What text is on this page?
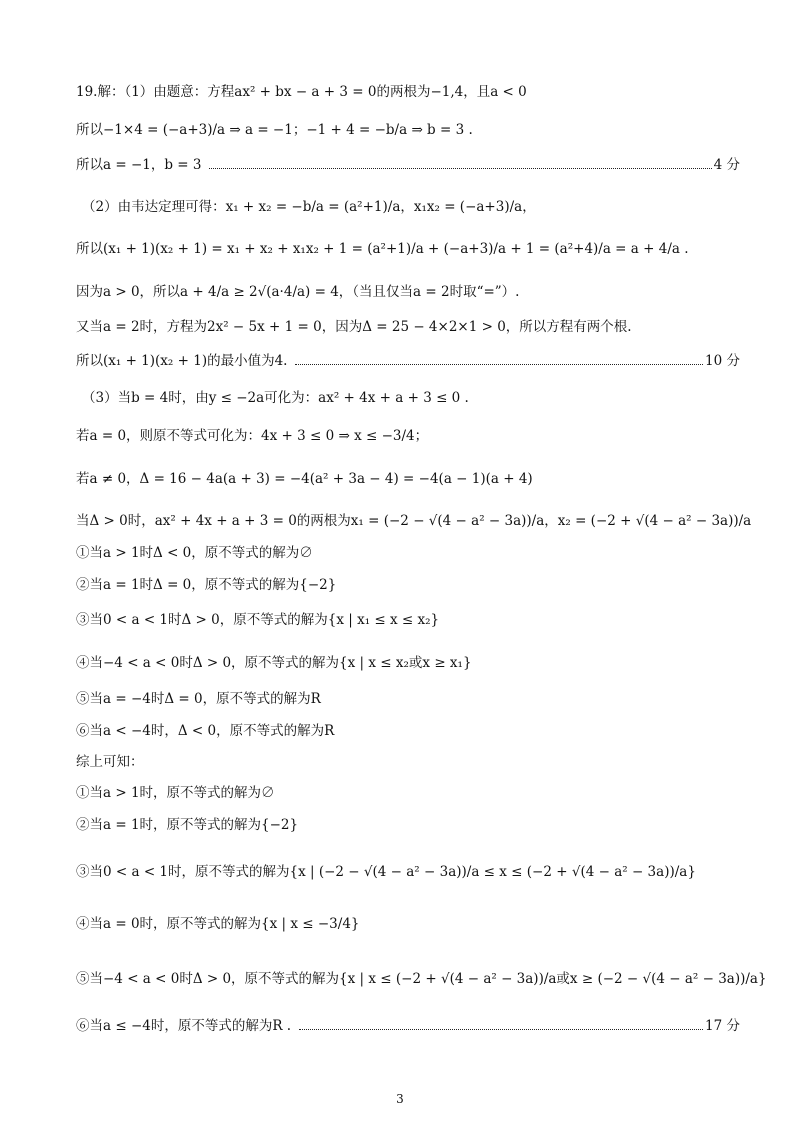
19.解：（1）由题意：方程ax² + bx − a + 3 = 0的两根为−1,4，且a < 0
所以−1×4 = (−a+3)/a ⇒ a = −1；−1 + 4 = −b/a ⇒ b = 3 .
所以a = −1，b = 3	4 分
（2）由韦达定理可得：x₁ + x₂ = −b/a = (a²+1)/a，x₁x₂ = (−a+3)/a，
所以(x₁ + 1)(x₂ + 1) = x₁ + x₂ + x₁x₂ + 1 = (a²+1)/a + (−a+3)/a + 1 = (a²+4)/a = a + 4/a .
因为a > 0，所以a + 4/a ≥ 2√(a·4/a) = 4，（当且仅当a = 2时取“=”）.
又当a = 2时，方程为2x² − 5x + 1 = 0，因为Δ = 25 − 4×2×1 > 0，所以方程有两个根.
所以(x₁ + 1)(x₂ + 1)的最小值为4.	10 分
（3）当b = 4时，由y ≤ −2a可化为：ax² + 4x + a + 3 ≤ 0 .
若a = 0，则原不等式可化为：4x + 3 ≤ 0 ⇒ x ≤ −3/4；
若a ≠ 0，Δ = 16 − 4a(a + 3) = −4(a² + 3a − 4) = −4(a − 1)(a + 4)
当Δ > 0时，ax² + 4x + a + 3 = 0的两根为x₁ = (−2 − √(4 − a² − 3a))/a，x₂ = (−2 + √(4 − a² − 3a))/a
①当a > 1时Δ < 0，原不等式的解为∅
②当a = 1时Δ = 0，原不等式的解为{−2}
③当0 < a < 1时Δ > 0，原不等式的解为{x | x₁ ≤ x ≤ x₂}
④当−4 < a < 0时Δ > 0，原不等式的解为{x | x ≤ x₂或x ≥ x₁}
⑤当a = −4时Δ = 0，原不等式的解为R
⑥当a < −4时，Δ < 0，原不等式的解为R
综上可知：
①当a > 1时，原不等式的解为∅
②当a = 1时，原不等式的解为{−2}
③当0 < a < 1时，原不等式的解为{x | (−2 − √(4 − a² − 3a))/a ≤ x ≤ (−2 + √(4 − a² − 3a))/a}
④当a = 0时，原不等式的解为{x | x ≤ −3/4}
⑤当−4 < a < 0时Δ > 0，原不等式的解为{x | x ≤ (−2 + √(4 − a² − 3a))/a或x ≥ (−2 − √(4 − a² − 3a))/a}
⑥当a ≤ −4时，原不等式的解为R .	17 分
3
